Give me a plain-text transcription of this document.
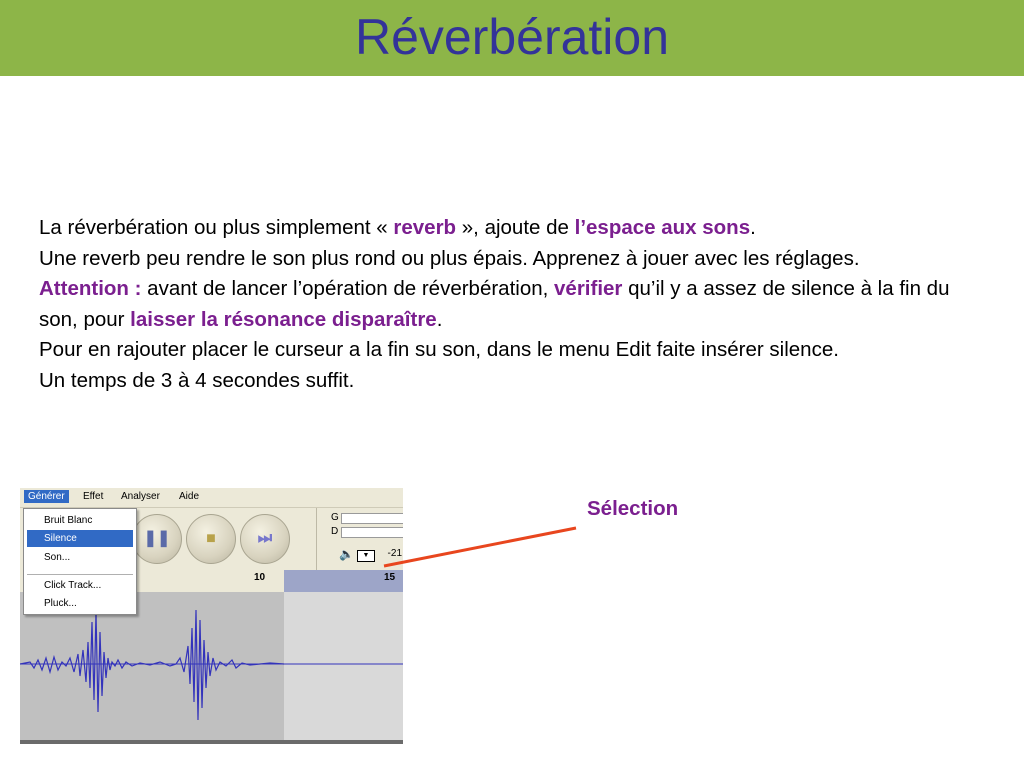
Réverbération
La réverbération ou plus simplement « reverb », ajoute de l’espace aux sons.
Une reverb peu rendre le son plus rond ou plus épais. Apprenez à jouer avec les réglages.
Attention : avant de lancer l’opération de réverbération, vérifier qu’il y a assez de silence à la fin du son, pour laisser la résonance disparaître.
Pour en rajouter placer le curseur a la fin su son, dans le menu Edit faite insérer silence.
Un temps de 3 à 4 secondes suffit.
Générer	Effet Analyser Aide
❚❚	■	⏭
G
D
🔈	▼	-21
Bruit Blanc
Silence
Son...
Click Track...
Pluck...
10	15
Sélection
